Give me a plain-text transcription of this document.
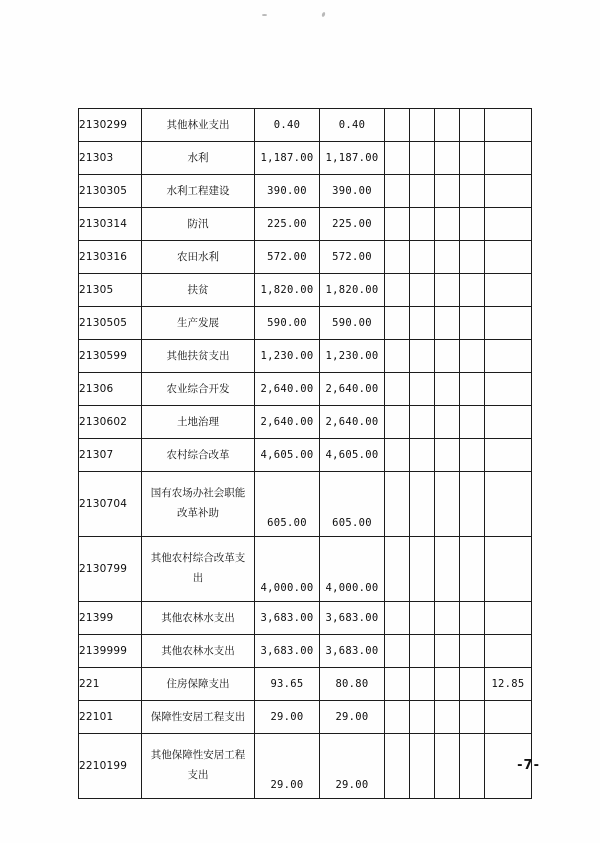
2130299	其他林业支出	0.40	0.40					
21303	水利	1,187.00	1,187.00					
2130305	水利工程建设	390.00	390.00					
2130314	防汛	225.00	225.00					
2130316	农田水利	572.00	572.00					
21305	扶贫	1,820.00	1,820.00					
2130505	生产发展	590.00	590.00					
2130599	其他扶贫支出	1,230.00	1,230.00					
21306	农业综合开发	2,640.00	2,640.00					
2130602	土地治理	2,640.00	2,640.00					
21307	农村综合改革	4,605.00	4,605.00					
2130704	国有农场办社会职能
改革补助	605.00	605.00					
2130799	其他农村综合改革支
出	4,000.00	4,000.00					
21399	其他农林水支出	3,683.00	3,683.00					
2139999	其他农林水支出	3,683.00	3,683.00					
221	住房保障支出	93.65	80.80					12.85
22101	保障性安居工程支出	29.00	29.00					
2210199	其他保障性安居工程
支出	29.00	29.00					
-7-
